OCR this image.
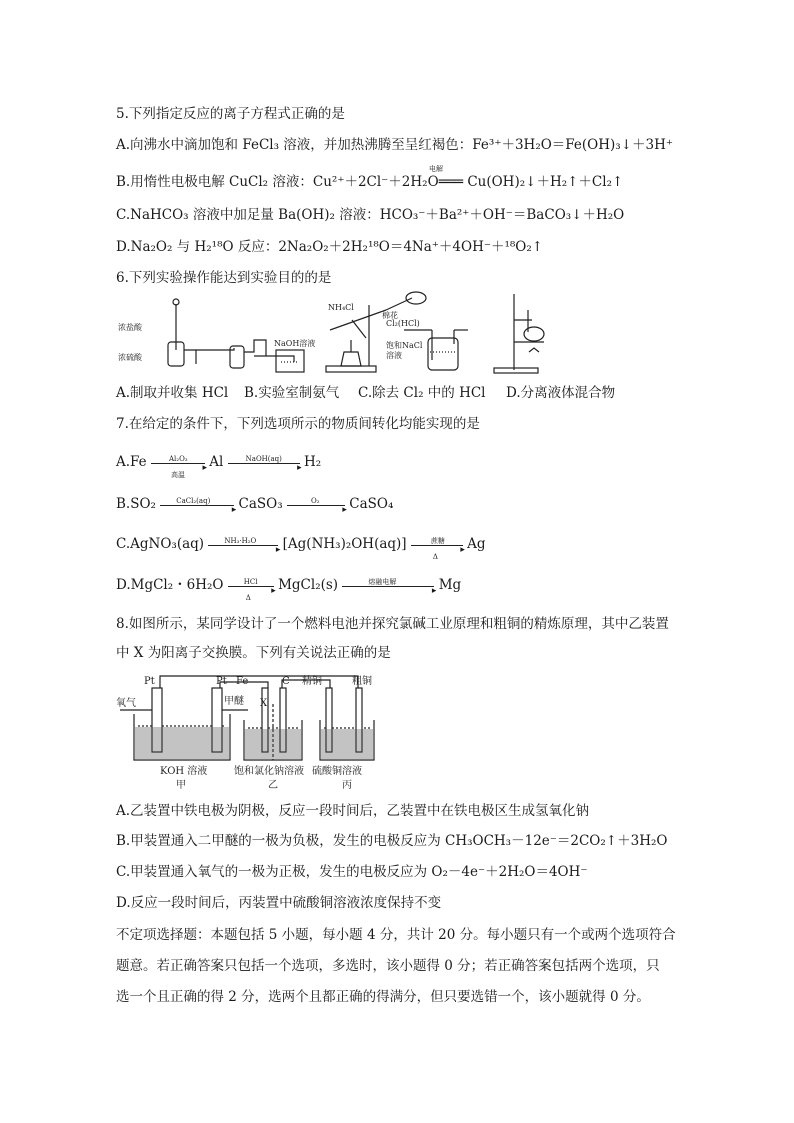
5.下列指定反应的离子方程式正确的是
A.向沸水中滴加饱和 FeCl₃ 溶液，并加热沸腾至呈红褐色：Fe³⁺＋3H₂O＝Fe(OH)₃↓＋3H⁺
B.用惰性电极电解 CuCl₂ 溶液：Cu²⁺＋2Cl⁻＋2H₂O═══ Cu(OH)₂↓＋H₂↑＋Cl₂↑
电解
C.NaHCO₃ 溶液中加足量 Ba(OH)₂ 溶液：HCO₃⁻＋Ba²⁺＋OH⁻＝BaCO₃↓＋H₂O
D.Na₂O₂ 与 H₂¹⁸O 反应：2Na₂O₂＋2H₂¹⁸O＝4Na⁺＋4OH⁻＋¹⁸O₂↑
6.下列实验操作能达到实验目的的是
浓盐酸
浓硫酸
NaOH溶液
NH₄Cl
棉花
Cl₂(HCl)
饱和NaCl
溶液
A.制取并收集 HCl B.实验室制氨气 C.除去 Cl₂ 中的 HCl D.分离液体混合物
7.在给定的条件下，下列选项所示的物质间转化均能实现的是
A.Fe	Al₂O₃
▸
高温
Al	NaOH(aq)
▸ H₂
B.SO₂	CaCl₂(aq)
▸ CaSO₃	O₂
▸ CaSO₄
C.AgNO₃(aq)	NH₃·H₂O
▸ [Ag(NH₃)₂OH(aq)]	蔗糖
▸
Δ
Ag
D.MgCl₂・6H₂O	HCl
▸
Δ
MgCl₂(s)	熔融电解
▸ Mg
8.如图所示，某同学设计了一个燃料电池并探究氯碱工业原理和粗铜的精炼原理，其中乙装置
中 X 为阳离子交换膜。下列有关说法正确的是
Pt	Pt Fe	C
X
精铜	粗铜
氧气	甲醚
KOH 溶液	饱和氯化钠溶液 硫酸铜溶液
甲	乙	丙
A.乙装置中铁电极为阴极，反应一段时间后，乙装置中在铁电极区生成氢氧化钠
B.甲装置通入二甲醚的一极为负极，发生的电极反应为 CH₃OCH₃－12e⁻＝2CO₂↑＋3H₂O
C.甲装置通入氧气的一极为正极，发生的电极反应为 O₂－4e⁻＋2H₂O＝4OH⁻
D.反应一段时间后，丙装置中硫酸铜溶液浓度保持不变
不定项选择题：本题包括 5 小题，每小题 4 分，共计 20 分。每小题只有一个或两个选项符合
题意。若正确答案只包括一个选项，多选时，该小题得 0 分；若正确答案包括两个选项，只
选一个且正确的得 2 分，选两个且都正确的得满分，但只要选错一个，该小题就得 0 分。
